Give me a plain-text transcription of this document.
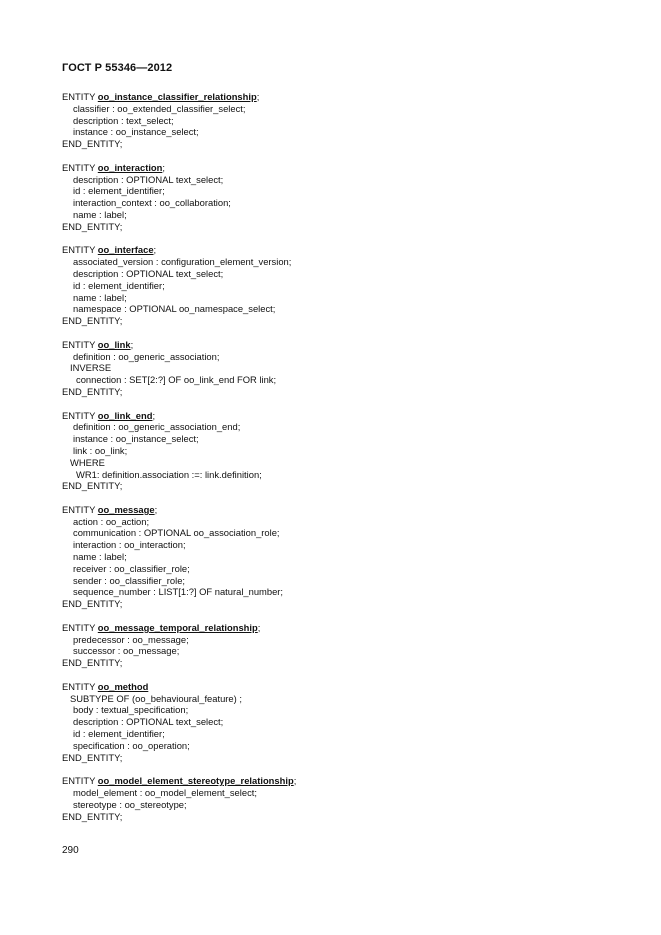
ГОСТ Р 55346—2012
ENTITY oo_instance_classifier_relationship;
classifier : oo_extended_classifier_select;
description : text_select;
instance : oo_instance_select;
END_ENTITY;
ENTITY oo_interaction;
description : OPTIONAL text_select;
id : element_identifier;
interaction_context : oo_collaboration;
name : label;
END_ENTITY;
ENTITY oo_interface;
associated_version : configuration_element_version;
description : OPTIONAL text_select;
id : element_identifier;
name : label;
namespace : OPTIONAL oo_namespace_select;
END_ENTITY;
ENTITY oo_link;
definition : oo_generic_association;
INVERSE
connection : SET[2:?] OF oo_link_end FOR link;
END_ENTITY;
ENTITY oo_link_end;
definition : oo_generic_association_end;
instance : oo_instance_select;
link : oo_link;
WHERE
WR1: definition.association :=: link.definition;
END_ENTITY;
ENTITY oo_message;
action : oo_action;
communication : OPTIONAL oo_association_role;
interaction : oo_interaction;
name : label;
receiver : oo_classifier_role;
sender : oo_classifier_role;
sequence_number : LIST[1:?] OF natural_number;
END_ENTITY;
ENTITY oo_message_temporal_relationship;
predecessor : oo_message;
successor : oo_message;
END_ENTITY;
ENTITY oo_method
SUBTYPE OF (oo_behavioural_feature) ;
body : textual_specification;
description : OPTIONAL text_select;
id : element_identifier;
specification : oo_operation;
END_ENTITY;
ENTITY oo_model_element_stereotype_relationship;
model_element : oo_model_element_select;
stereotype : oo_stereotype;
END_ENTITY;
290
